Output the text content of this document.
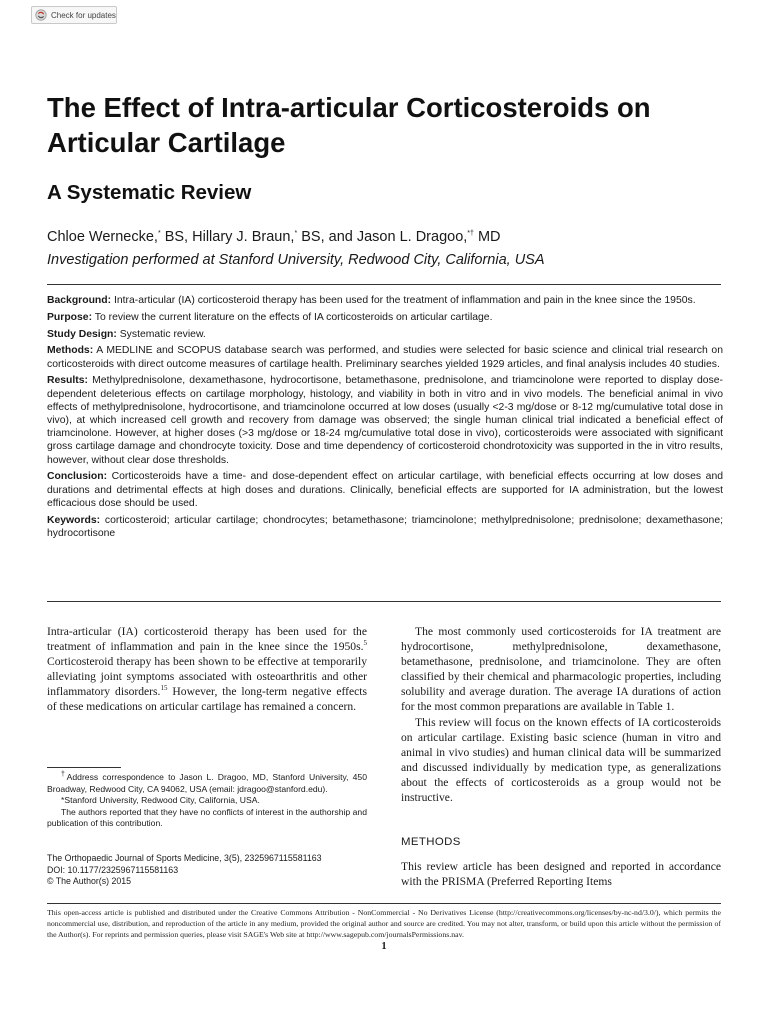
Check for updates
The Effect of Intra-articular Corticosteroids on Articular Cartilage
A Systematic Review
Chloe Wernecke,* BS, Hillary J. Braun,* BS, and Jason L. Dragoo,*† MD
Investigation performed at Stanford University, Redwood City, California, USA

Background: Intra-articular (IA) corticosteroid therapy has been used for the treatment of inflammation and pain in the knee since the 1950s.

Purpose: To review the current literature on the effects of IA corticosteroids on articular cartilage.

Study Design: Systematic review.

Methods: A MEDLINE and SCOPUS database search was performed, and studies were selected for basic science and clinical trial research on corticosteroids with direct outcome measures of cartilage health. Preliminary searches yielded 1929 articles, and final analysis includes 40 studies.

Results: Methylprednisolone, dexamethasone, hydrocortisone, betamethasone, prednisolone, and triamcinolone were reported to display dose-dependent deleterious effects on cartilage morphology, histology, and viability in both in vitro and in vivo models. The beneficial animal in vivo effects of methylprednisolone, hydrocortisone, and triamcinolone occurred at low doses (usually <2-3 mg/dose or 8-12 mg/cumulative total dose in vivo), at which increased cell growth and recovery from damage was observed; the single human clinical trial indicated a beneficial effect of triamcinolone. However, at higher doses (>3 mg/dose or 18-24 mg/cumulative total dose in vivo), corticosteroids were associated with significant gross cartilage damage and chondrocyte toxicity. Dose and time dependency of corticosteroid chondrotoxicity was supported in the in vitro results, however, without clear dose thresholds.

Conclusion: Corticosteroids have a time- and dose-dependent effect on articular cartilage, with beneficial effects occurring at low doses and durations and detrimental effects at high doses and durations. Clinically, beneficial effects are supported for IA administration, but the lowest efficacious dose should be used.

Keywords: corticosteroid; articular cartilage; chondrocytes; betamethasone; triamcinolone; methylprednisolone; prednisolone; dexamethasone; hydrocortisone

Intra-articular (IA) corticosteroid therapy has been used for the treatment of inflammation and pain in the knee since the 1950s.$^5$ Corticosteroid therapy has been shown to be effective at temporarily alleviating joint symptoms associated with osteoarthritis and other inflammatory disorders.$^{15}$ However, the long-term negative effects of these medications on articular cartilage has remained a concern.

†Address correspondence to Jason L. Dragoo, MD, Stanford University, 450 Broadway, Redwood City, CA 94062, USA (email: jdragoo@stanford.edu).

*Stanford University, Redwood City, California, USA.

The authors reported that they have no conflicts of interest in the authorship and publication of this contribution.

The Orthopaedic Journal of Sports Medicine, 3(5), 2325967115581163

DOI: 10.1177/2325967115581163

© The Author(s) 2015

The most commonly used corticosteroids for IA treatment are hydrocortisone, methylprednisolone, dexamethasone, betamethasone, prednisolone, and triamcinolone. They are often classified by their chemical and pharmacologic properties, including solubility and average duration. The average IA durations of action for the most common preparations are available in Table 1.

This review will focus on the known effects of IA corticosteroids on articular cartilage. Existing basic science (human in vitro and animal in vivo studies) and human clinical data will be summarized and discussed individually by medication type, as generalizations about the effects of corticosteroids as a group would not be instructive.

METHODS
This review article has been designed and reported in accordance with the PRISMA (Preferred Reporting Items
This open-access article is published and distributed under the Creative Commons Attribution - NonCommercial - No Derivatives License (http://creativecommons.org/licenses/by-nc-nd/3.0/), which permits the noncommercial use, distribution, and reproduction of the article in any medium, provided the original author and source are credited. You may not alter, transform, or build upon this article without the permission of the Author(s). For reprints and permission queries, please visit SAGE's Web site at http://www.sagepub.com/journalsPermissions.nav.
1
